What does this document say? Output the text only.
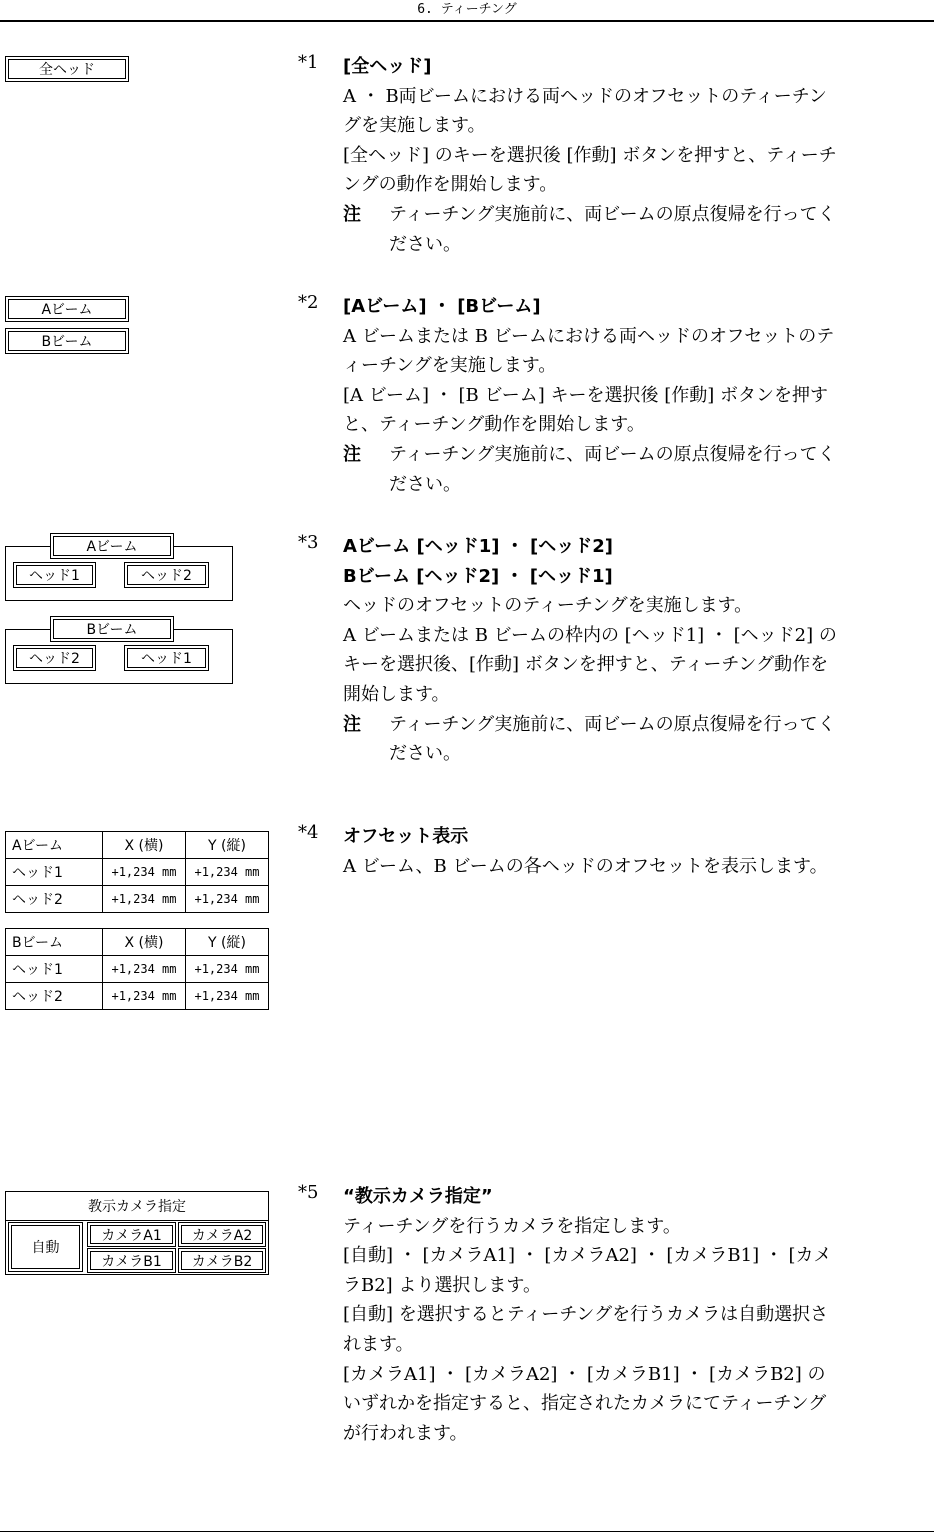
6. ティーチング
全ヘッド	*1 [全ヘッド]

A ・ B両ビームにおける両ヘッドのオフセットのティーチングを実施します。

[全ヘッド] のキーを選択後 [作動] ボタンを押すと、ティーチングの動作を開始します。

注	ティーチング実施前に、両ビームの原点復帰を行ってください。
Aビーム
Bビーム
*2 [Aビーム] ・ [Bビーム]

A ビームまたは B ビームにおける両ヘッドのオフセットのティーチングを実施します。

[A ビーム] ・ [B ビーム] キーを選択後 [作動] ボタンを押すと、ティーチング動作を開始します。

注	ティーチング実施前に、両ビームの原点復帰を行ってください。
Aビーム
ヘッド1	ヘッド2
Bビーム
ヘッド2	ヘッド1
*3 Aビーム [ヘッド1] ・ [ヘッド2]

Bビーム [ヘッド2] ・ [ヘッド1]

ヘッドのオフセットのティーチングを実施します。

A ビームまたは B ビームの枠内の [ヘッド1] ・ [ヘッド2] のキーを選択後、[作動] ボタンを押すと、ティーチング動作を開始します。

注	ティーチング実施前に、両ビームの原点復帰を行ってください。
Aビーム	X (横)	Y (縦)
ヘッド1	+1,234 mm	+1,234 mm
ヘッド2	+1,234 mm	+1,234 mm
Bビーム	X (横)	Y (縦)
ヘッド1	+1,234 mm	+1,234 mm
ヘッド2	+1,234 mm	+1,234 mm
*4 オフセット表示

A ビーム、B ビームの各ヘッドのオフセットを表示します。

教示カメラ指定
自動
カメラA1	カメラA2
カメラB1	カメラB2
*5 “教示カメラ指定”

ティーチングを行うカメラを指定します。

[自動] ・ [カメラA1] ・ [カメラA2] ・ [カメラB1] ・ [カメラB2] より選択します。

[自動] を選択するとティーチングを行うカメラは自動選択されます。

[カメラA1] ・ [カメラA2] ・ [カメラB1] ・ [カメラB2] のいずれかを指定すると、指定されたカメラにてティーチングが行われます。
